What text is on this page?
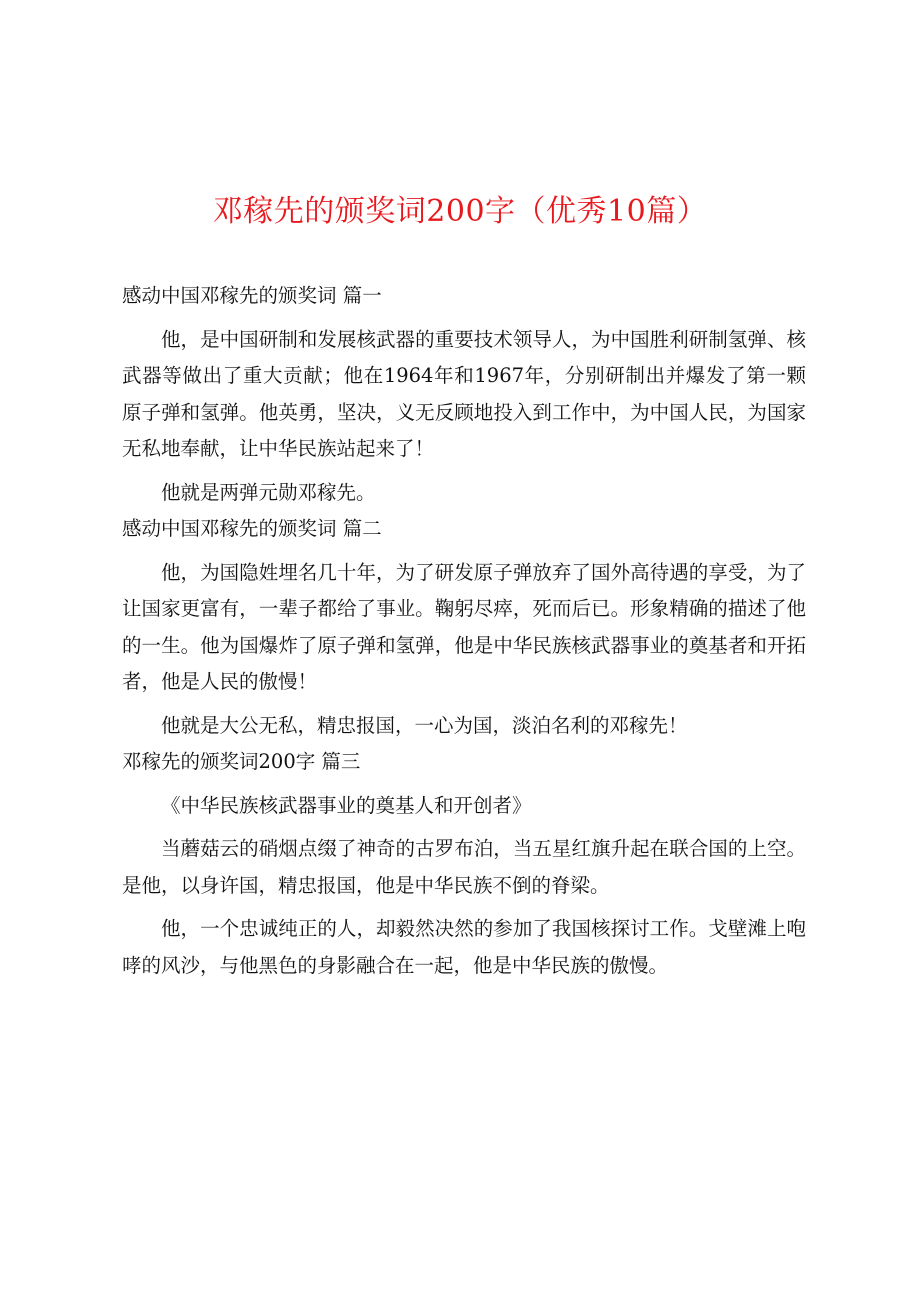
邓稼先的颁奖词200字（优秀10篇）

感动中国邓稼先的颁奖词 篇一

他，是中国研制和发展核武器的重要技术领导人，为中国胜利研制氢弹、核武器等做出了重大贡献；他在1964年和1967年，分别研制出并爆发了第一颗原子弹和氢弹。他英勇，坚决，义无反顾地投入到工作中，为中国人民，为国家无私地奉献，让中华民族站起来了！

他就是两弹元勋邓稼先。

感动中国邓稼先的颁奖词 篇二

他，为国隐姓埋名几十年，为了研发原子弹放弃了国外高待遇的享受，为了让国家更富有，一辈子都给了事业。鞠躬尽瘁，死而后已。形象精确的描述了他的一生。他为国爆炸了原子弹和氢弹，他是中华民族核武器事业的奠基者和开拓者，他是人民的傲慢！

他就是大公无私，精忠报国，一心为国，淡泊名利的邓稼先！

邓稼先的颁奖词200字 篇三

《中华民族核武器事业的奠基人和开创者》

当蘑菇云的硝烟点缀了神奇的古罗布泊，当五星红旗升起在联合国的上空。是他，以身许国，精忠报国，他是中华民族不倒的脊梁。

他，一个忠诚纯正的人，却毅然决然的参加了我国核探讨工作。戈壁滩上咆哮的风沙，与他黑色的身影融合在一起，他是中华民族的傲慢。
